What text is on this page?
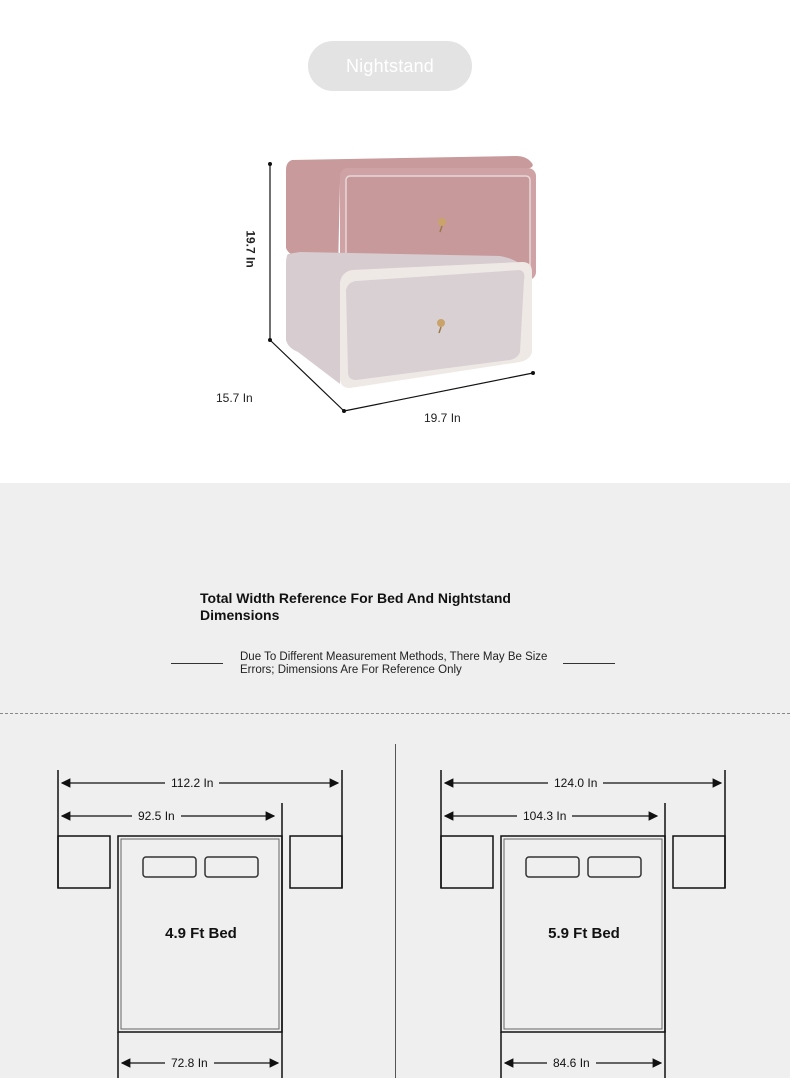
Nightstand
19.7 In
15.7 In
19.7 In
Total Width Reference For Bed And Nightstand Dimensions
Due To Different Measurement Methods, There May Be Size Errors; Dimensions Are For Reference Only
112.2 In
92.5 In
4.9 Ft Bed
72.8 In
124.0 In
104.3 In
5.9 Ft Bed
84.6 In
